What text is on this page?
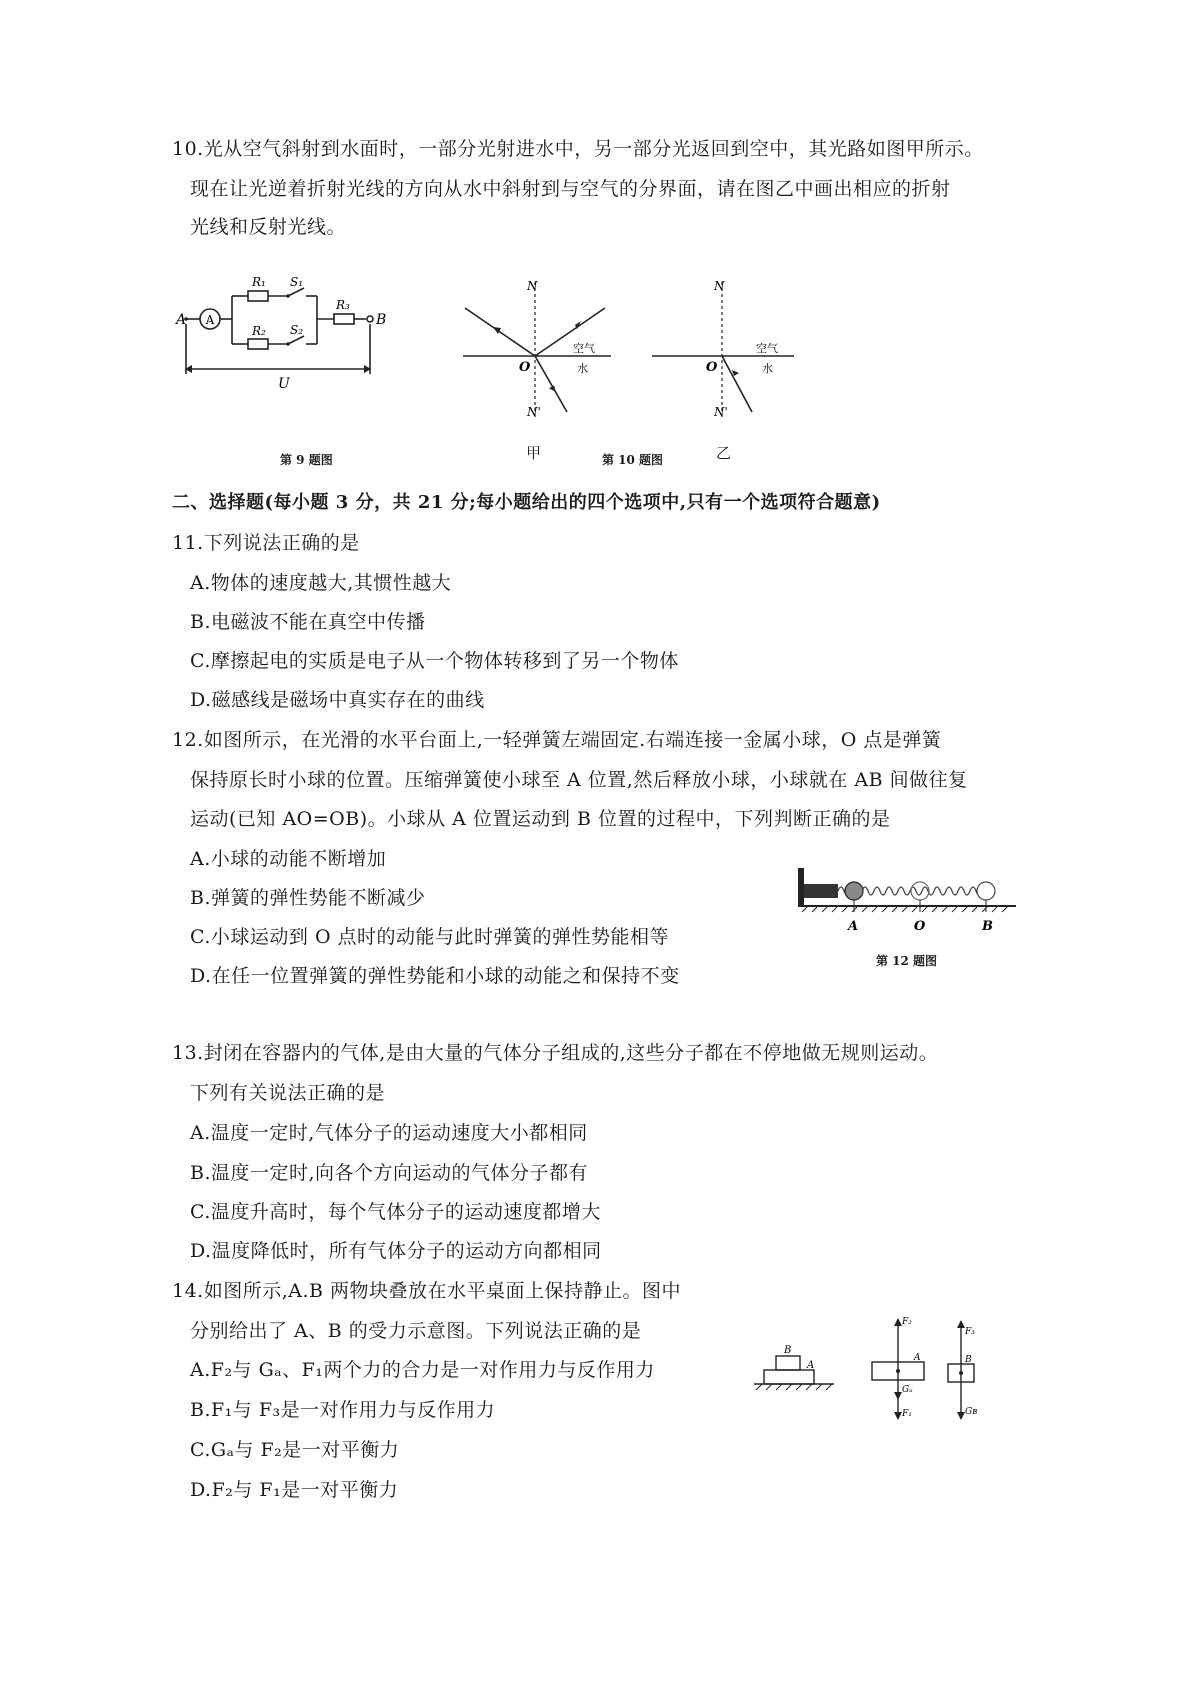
10.光从空气斜射到水面时，一部分光射进水中，另一部分光返回到空中，其光路如图甲所示。
现在让光逆着折射光线的方向从水中斜射到与空气的分界面，请在图乙中画出相应的折射
光线和反射光线。
A A	B
R₁
R₂
R₃
S₁
S₂
U
第 9 题图
N
O
N'
空气
水
甲	第 10 题图
N
O
N'
空气
水
乙
二、选择题(每小题 3 分，共 21 分;每小题给出的四个选项中,只有一个选项符合题意)
11.下列说法正确的是
A.物体的速度越大,其惯性越大
B.电磁波不能在真空中传播
C.摩擦起电的实质是电子从一个物体转移到了另一个物体
D.磁感线是磁场中真实存在的曲线
12.如图所示，在光滑的水平台面上,一轻弹簧左端固定.右端连接一金属小球，O 点是弹簧
保持原长时小球的位置。压缩弹簧使小球至 A 位置,然后释放小球，小球就在 AB 间做往复
运动(已知 AO=OB)。小球从 A 位置运动到 B 位置的过程中，下列判断正确的是
A.小球的动能不断增加
B.弹簧的弹性势能不断减少
C.小球运动到 O 点时的动能与此时弹簧的弹性势能相等
D.在任一位置弹簧的弹性势能和小球的动能之和保持不变
A	O	B
第 12 题图
13.封闭在容器内的气体,是由大量的气体分子组成的,这些分子都在不停地做无规则运动。
下列有关说法正确的是
A.温度一定时,气体分子的运动速度大小都相同
B.温度一定时,向各个方向运动的气体分子都有
C.温度升高时，每个气体分子的运动速度都增大
D.温度降低时，所有气体分子的运动方向都相同
14.如图所示,A.B 两物块叠放在水平桌面上保持静止。图中
分别给出了 A、B 的受力示意图。下列说法正确的是
A.F₂与 Gₐ、F₁两个力的合力是一对作用力与反作用力
B.F₁与 F₃是一对作用力与反作用力
C.Gₐ与 F₂是一对平衡力
D.F₂与 F₁是一对平衡力
B
A
F₂
A
Gₐ
F₁
F₃
B
Gʙ
